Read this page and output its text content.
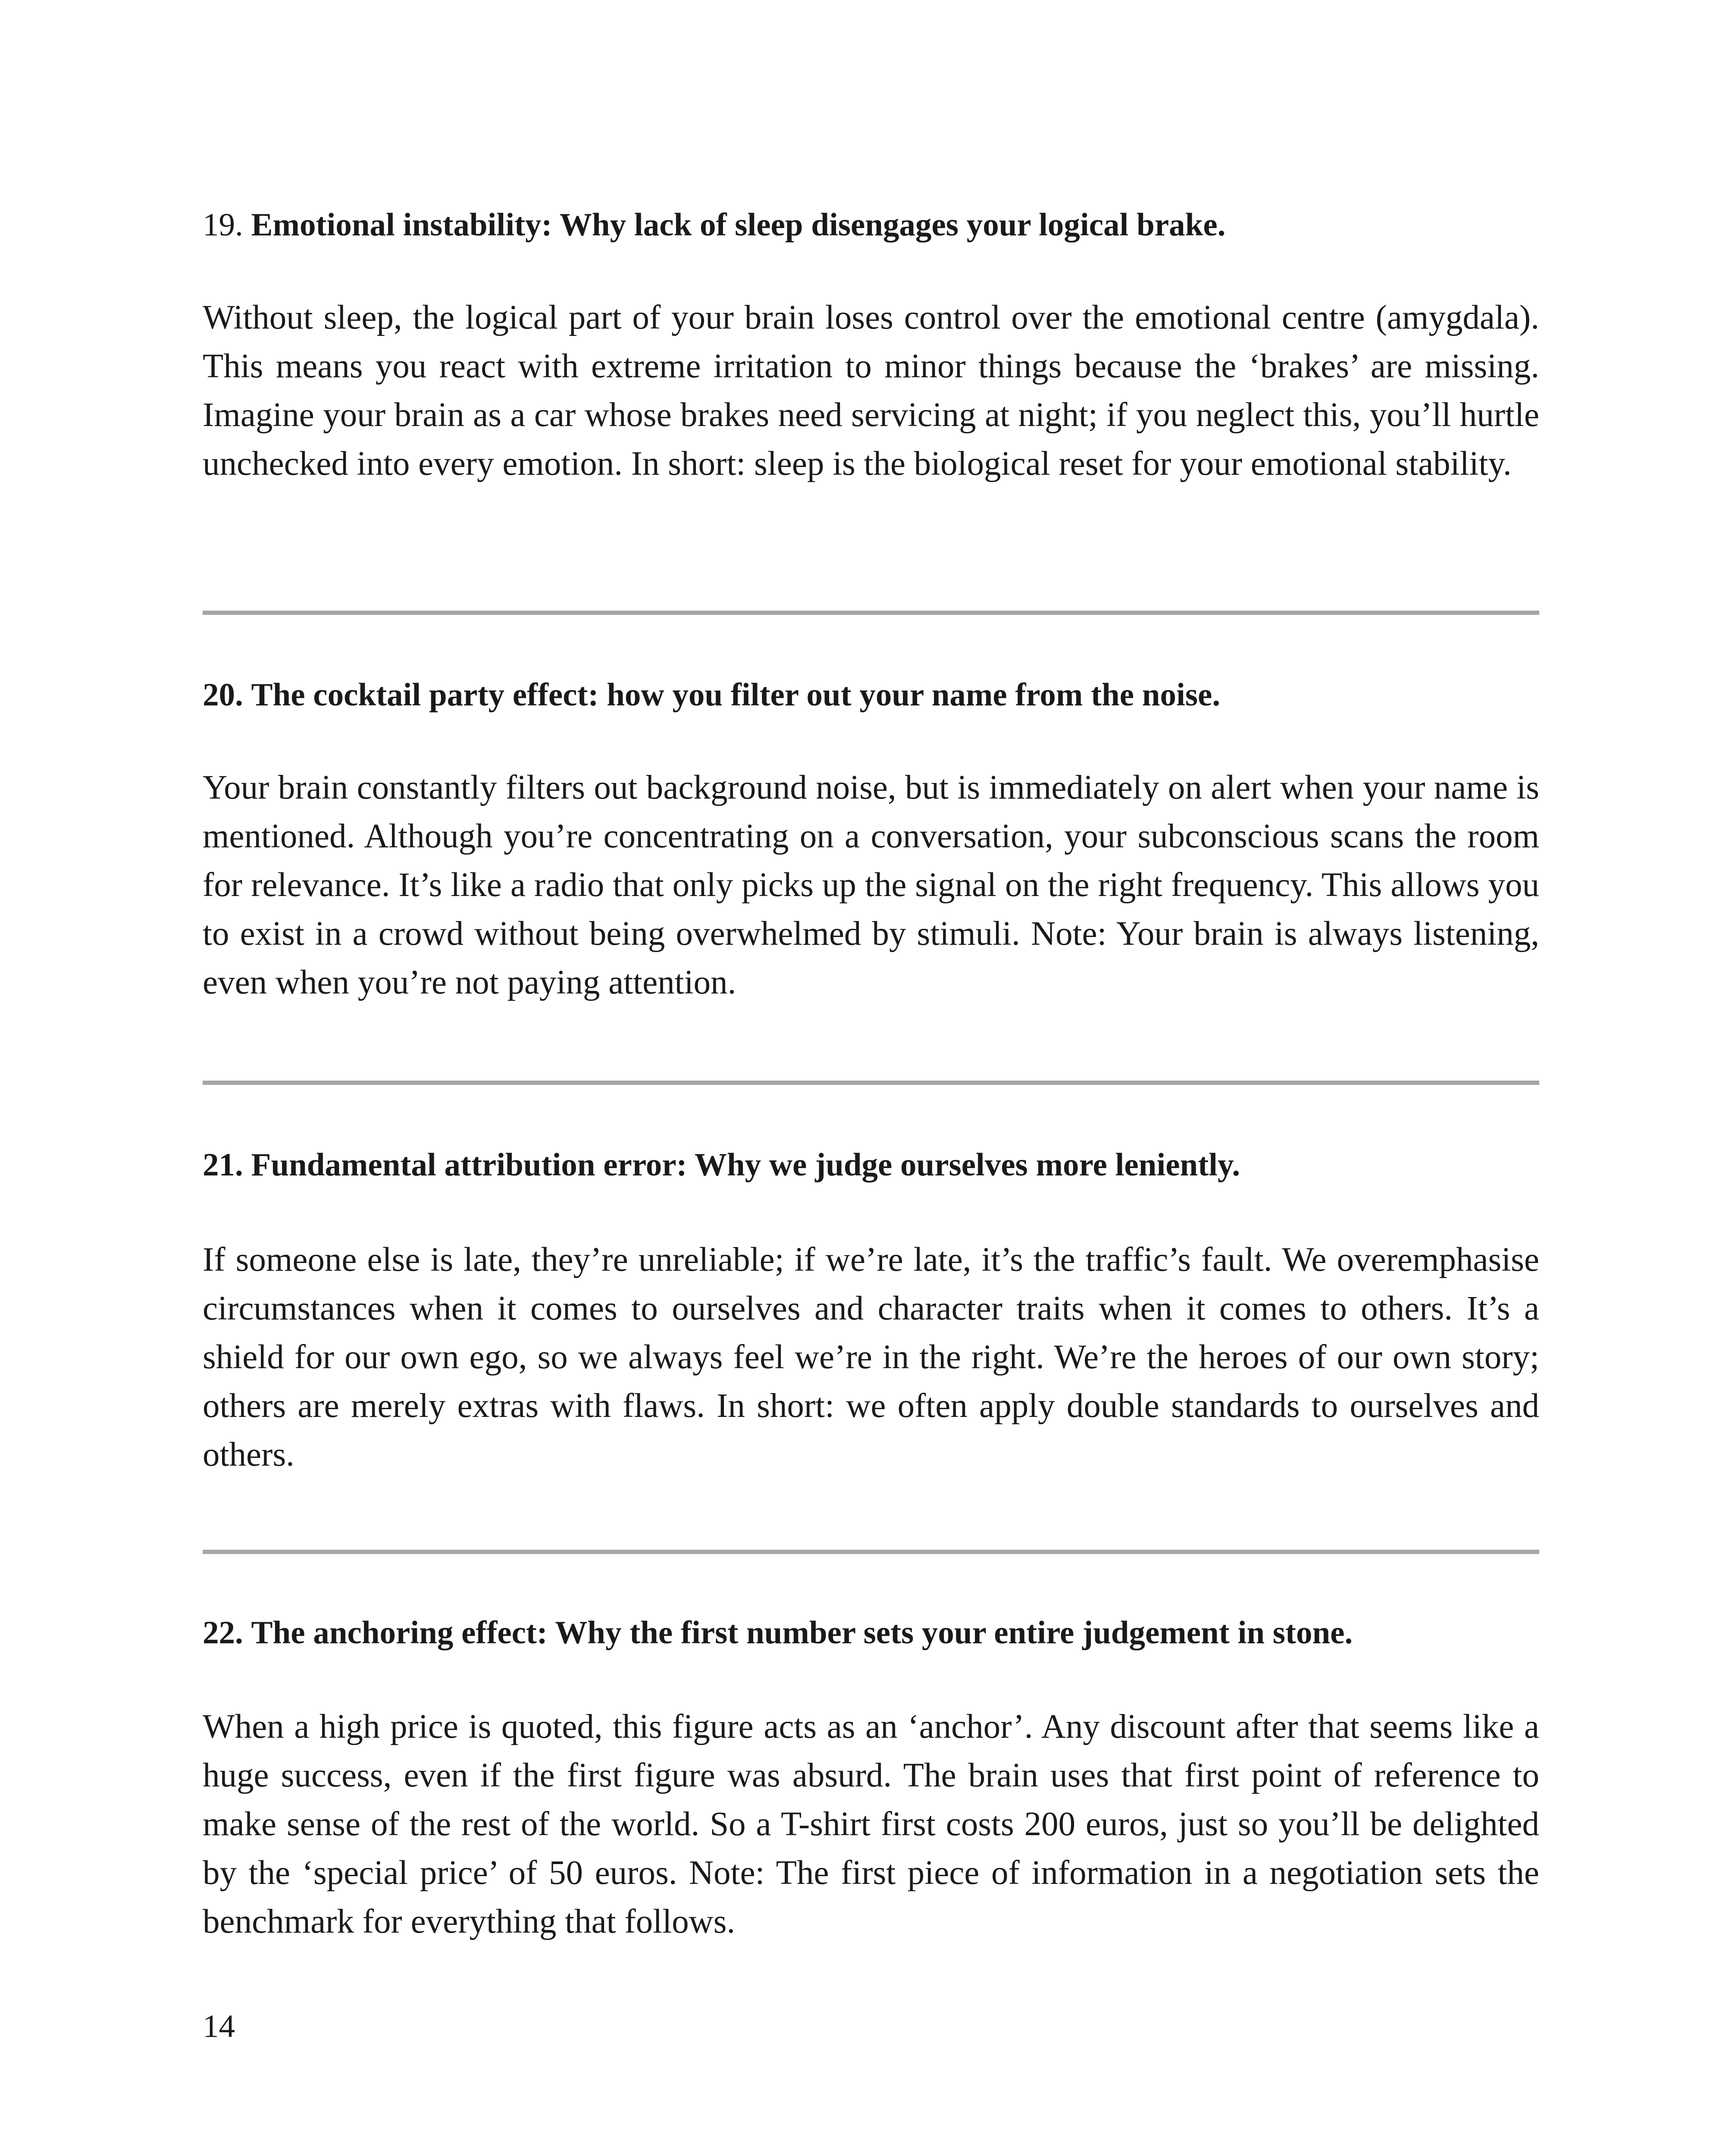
19. Emotional instability: Why lack of sleep disengages your logical brake.

Without sleep, the logical part of your brain loses control over the emotional centre (amygdala). This means you react with extreme irritation to minor things because the ‘brakes’ are missing. Imagine your brain as a car whose brakes need servicing at night; if you neglect this, you’ll hurtle unchecked into every emotion. In short: sleep is the biological reset for your emotional stability.

20. The cocktail party effect: how you filter out your name from the noise.

Your brain constantly filters out background noise, but is immediately on alert when your name is mentioned. Although you’re concentrating on a conversation, your subconscious scans the room for relevance. It’s like a radio that only picks up the signal on the right frequency. This allows you to exist in a crowd without being overwhelmed by stimuli. Note: Your brain is always listening, even when you’re not paying attention.

21. Fundamental attribution error: Why we judge ourselves more leniently.

If someone else is late, they’re unreliable; if we’re late, it’s the traffic’s fault. We overemphasise circumstances when it comes to ourselves and character traits when it comes to others. It’s a shield for our own ego, so we always feel we’re in the right. We’re the heroes of our own story; others are merely extras with flaws. In short: we often apply double standards to ourselves and others.

22. The anchoring effect: Why the first number sets your entire judgement in stone.

When a high price is quoted, this figure acts as an ‘anchor’. Any discount after that seems like a huge success, even if the first figure was absurd. The brain uses that first point of reference to make sense of the rest of the world. So a T-shirt first costs 200 euros, just so you’ll be delighted by the ‘special price’ of 50 euros. Note: The first piece of information in a negotiation sets the benchmark for everything that follows.

14
